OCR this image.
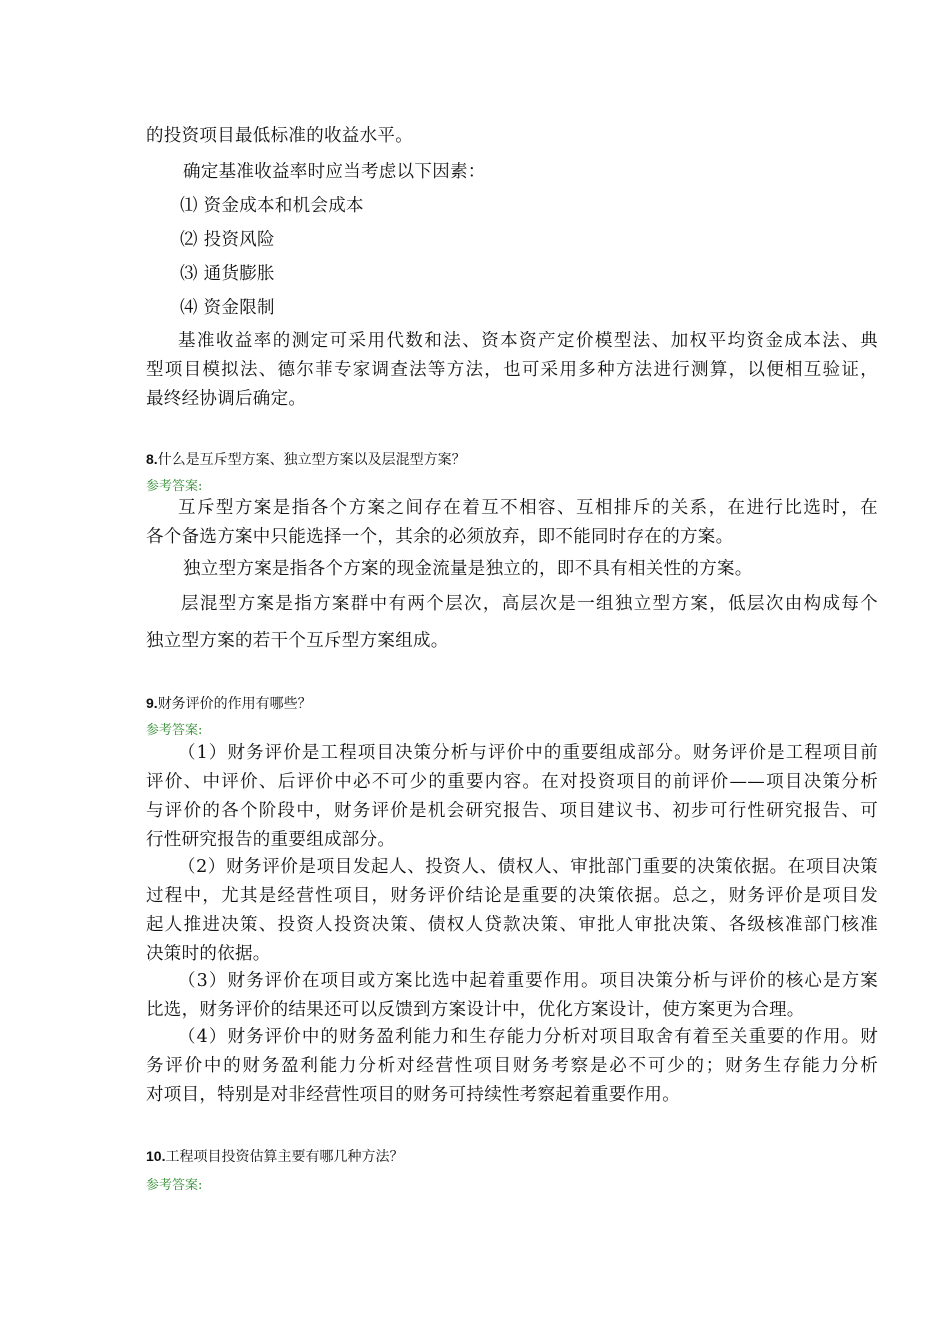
的投资项目最低标准的收益水平。
确定基准收益率时应当考虑以下因素：
⑴ 资金成本和机会成本
⑵ 投资风险
⑶ 通货膨胀
⑷ 资金限制
基准收益率的测定可采用代数和法、资本资产定价模型法、加权平均资金成本法、典
型项目模拟法、德尔菲专家调查法等方法，也可采用多种方法进行测算，以便相互验证，
最终经协调后确定。
8.什么是互斥型方案、独立型方案以及层混型方案？
参考答案:
互斥型方案是指各个方案之间存在着互不相容、互相排斥的关系，在进行比选时，在
各个备选方案中只能选择一个，其余的必须放弃，即不能同时存在的方案。
独立型方案是指各个方案的现金流量是独立的，即不具有相关性的方案。
层混型方案是指方案群中有两个层次，高层次是一组独立型方案，低层次由构成每个
独立型方案的若干个互斥型方案组成。
9.财务评价的作用有哪些？
参考答案:
（1）财务评价是工程项目决策分析与评价中的重要组成部分。财务评价是工程项目前
评价、中评价、后评价中必不可少的重要内容。在对投资项目的前评价——项目决策分析
与评价的各个阶段中，财务评价是机会研究报告、项目建议书、初步可行性研究报告、可
行性研究报告的重要组成部分。
（2）财务评价是项目发起人、投资人、债权人、审批部门重要的决策依据。在项目决策
过程中，尤其是经营性项目，财务评价结论是重要的决策依据。总之，财务评价是项目发
起人推进决策、投资人投资决策、债权人贷款决策、审批人审批决策、各级核准部门核准
决策时的依据。
（3）财务评价在项目或方案比选中起着重要作用。项目决策分析与评价的核心是方案
比选，财务评价的结果还可以反馈到方案设计中，优化方案设计，使方案更为合理。
（4）财务评价中的财务盈利能力和生存能力分析对项目取舍有着至关重要的作用。财
务评价中的财务盈利能力分析对经营性项目财务考察是必不可少的；财务生存能力分析
对项目，特别是对非经营性项目的财务可持续性考察起着重要作用。
10.工程项目投资估算主要有哪几种方法？
参考答案:
